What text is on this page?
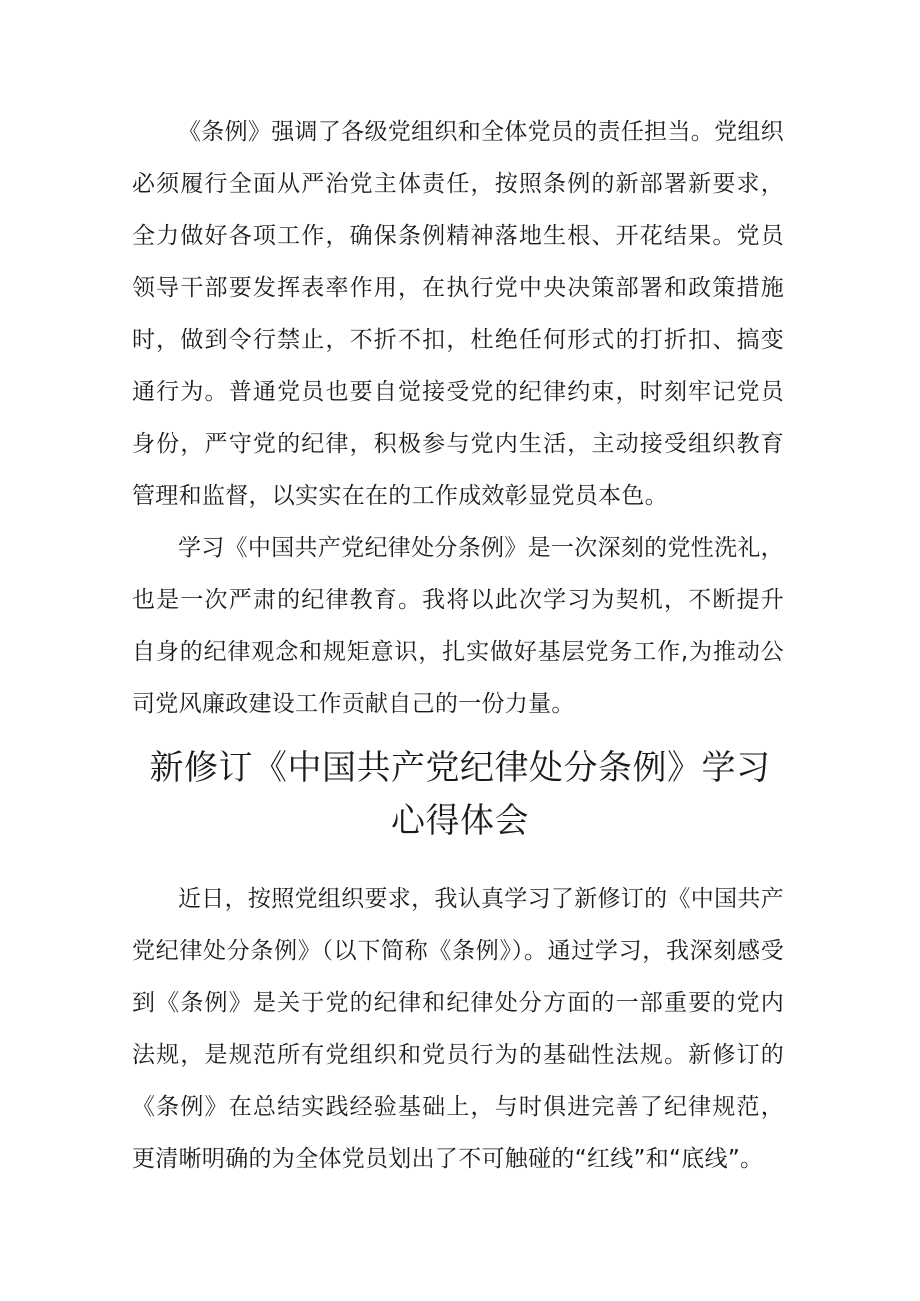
《条例》强调了各级党组织和全体党员的责任担当。党组织必须履行全面从严治党主体责任，按照条例的新部署新要求，全力做好各项工作，确保条例精神落地生根、开花结果。党员领导干部要发挥表率作用，在执行党中央决策部署和政策措施时，做到令行禁止，不折不扣，杜绝任何形式的打折扣、搞变通行为。普通党员也要自觉接受党的纪律约束，时刻牢记党员身份，严守党的纪律，积极参与党内生活，主动接受组织教育管理和监督，以实实在在的工作成效彰显党员本色。

学习《中国共产党纪律处分条例》是一次深刻的党性洗礼，也是一次严肃的纪律教育。我将以此次学习为契机，不断提升自身的纪律观念和规矩意识，扎实做好基层党务工作,为推动公司党风廉政建设工作贡献自己的一份力量。

新修订《中国共产党纪律处分条例》学习
心得体会

近日，按照党组织要求，我认真学习了新修订的《中国共产党纪律处分条例》（以下简称《条例》）。通过学习，我深刻感受到《条例》是关于党的纪律和纪律处分方面的一部重要的党内法规，是规范所有党组织和党员行为的基础性法规。新修订的《条例》在总结实践经验基础上，与时俱进完善了纪律规范，更清晰明确的为全体党员划出了不可触碰的“红线”和“底线”。
